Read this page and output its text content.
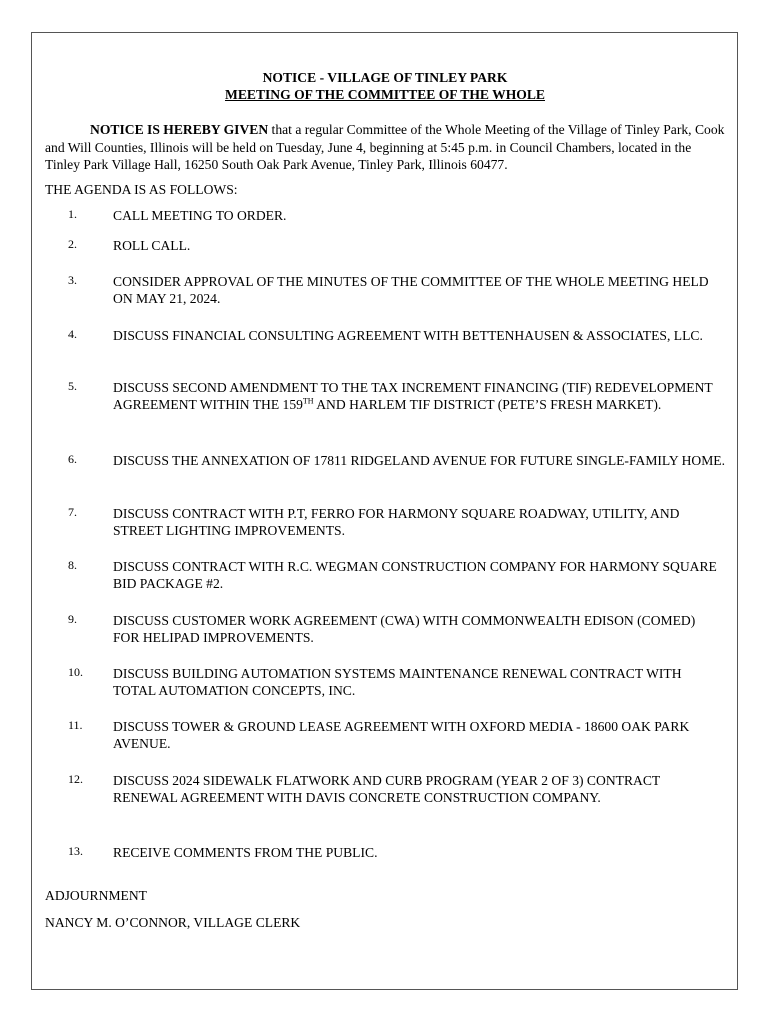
NOTICE - VILLAGE OF TINLEY PARK

MEETING OF THE COMMITTEE OF THE WHOLE

NOTICE IS HEREBY GIVEN that a regular Committee of the Whole Meeting of the Village of Tinley Park, Cook and Will Counties, Illinois will be held on Tuesday, June 4, beginning at 5:45 p.m. in Council Chambers, located in the Tinley Park Village Hall, 16250 South Oak Park Avenue, Tinley Park, Illinois 60477.

THE AGENDA IS AS FOLLOWS:

1.	CALL MEETING TO ORDER.
2.	ROLL CALL.
3.	CONSIDER APPROVAL OF THE MINUTES OF THE COMMITTEE OF THE WHOLE MEETING HELD ON MAY 21, 2024.
4.	DISCUSS FINANCIAL CONSULTING AGREEMENT WITH BETTENHAUSEN & ASSOCIATES, LLC.
5.	DISCUSS SECOND AMENDMENT TO THE TAX INCREMENT FINANCING (TIF) REDEVELOPMENT AGREEMENT WITHIN THE 159TH AND HARLEM TIF DISTRICT (PETE’S FRESH MARKET).
6.	DISCUSS THE ANNEXATION OF 17811 RIDGELAND AVENUE FOR FUTURE SINGLE-FAMILY HOME.
7.	DISCUSS CONTRACT WITH P.T, FERRO FOR HARMONY SQUARE ROADWAY, UTILITY, AND STREET LIGHTING IMPROVEMENTS.
8.	DISCUSS CONTRACT WITH R.C. WEGMAN CONSTRUCTION COMPANY FOR HARMONY SQUARE BID PACKAGE #2.
9.	DISCUSS CUSTOMER WORK AGREEMENT (CWA) WITH COMMONWEALTH EDISON (COMED) FOR HELIPAD IMPROVEMENTS.
10.	DISCUSS BUILDING AUTOMATION SYSTEMS MAINTENANCE RENEWAL CONTRACT WITH TOTAL AUTOMATION CONCEPTS, INC.
11.	DISCUSS TOWER & GROUND LEASE AGREEMENT WITH OXFORD MEDIA - 18600 OAK PARK AVENUE.
12.	DISCUSS 2024 SIDEWALK FLATWORK AND CURB PROGRAM (YEAR 2 OF 3) CONTRACT RENEWAL AGREEMENT WITH DAVIS CONCRETE CONSTRUCTION COMPANY.
13.	RECEIVE COMMENTS FROM THE PUBLIC.
ADJOURNMENT
NANCY M. O’CONNOR, VILLAGE CLERK
